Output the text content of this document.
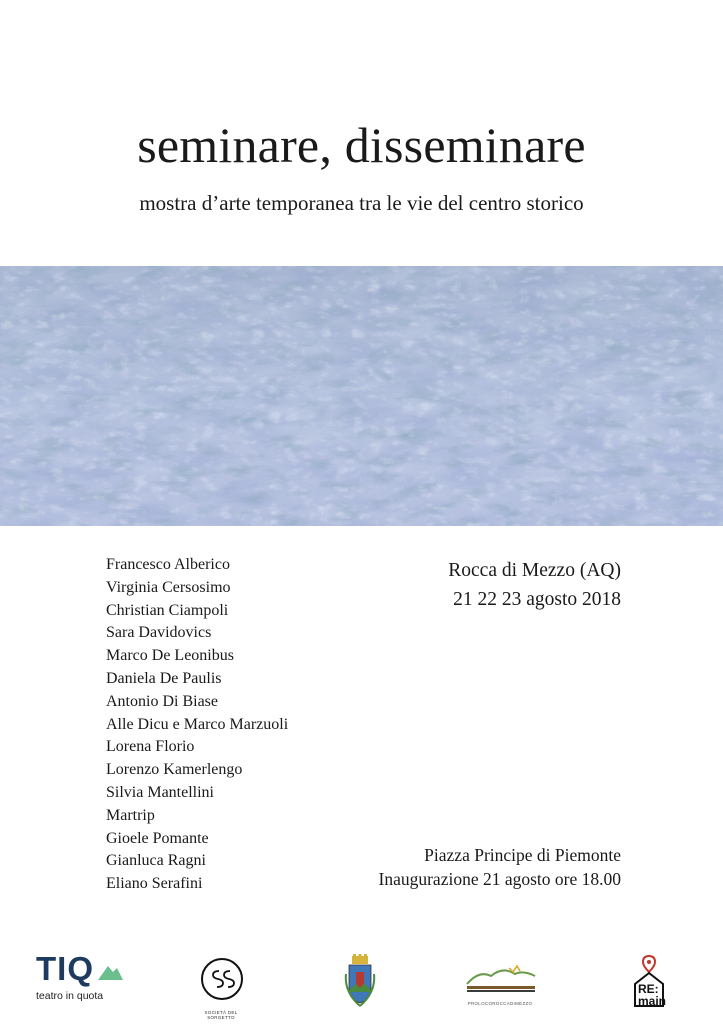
seminare, disseminare
mostra d’arte temporanea tra le vie del centro storico
Francesco Alberico
Virginia Cersosimo
Christian Ciampoli
Sara Davidovics
Marco De Leonibus
Daniela De Paulis
Antonio Di Biase
Alle Dicu e Marco Marzuoli
Lorena Florio
Lorenzo Kamerlengo
Silvia Mantellini
Martrip
Gioele Pomante
Gianluca Ragni
Eliano Serafini
Rocca di Mezzo (AQ)
21 22 23 agosto 2018
Piazza Principe di Piemonte
Inaugurazione 21 agosto ore 18.00
TIQ
teatro in quota
SOCIETÀ DEL SORGETTO
PROLOCOROCCADIMEZZO
RE:
main
